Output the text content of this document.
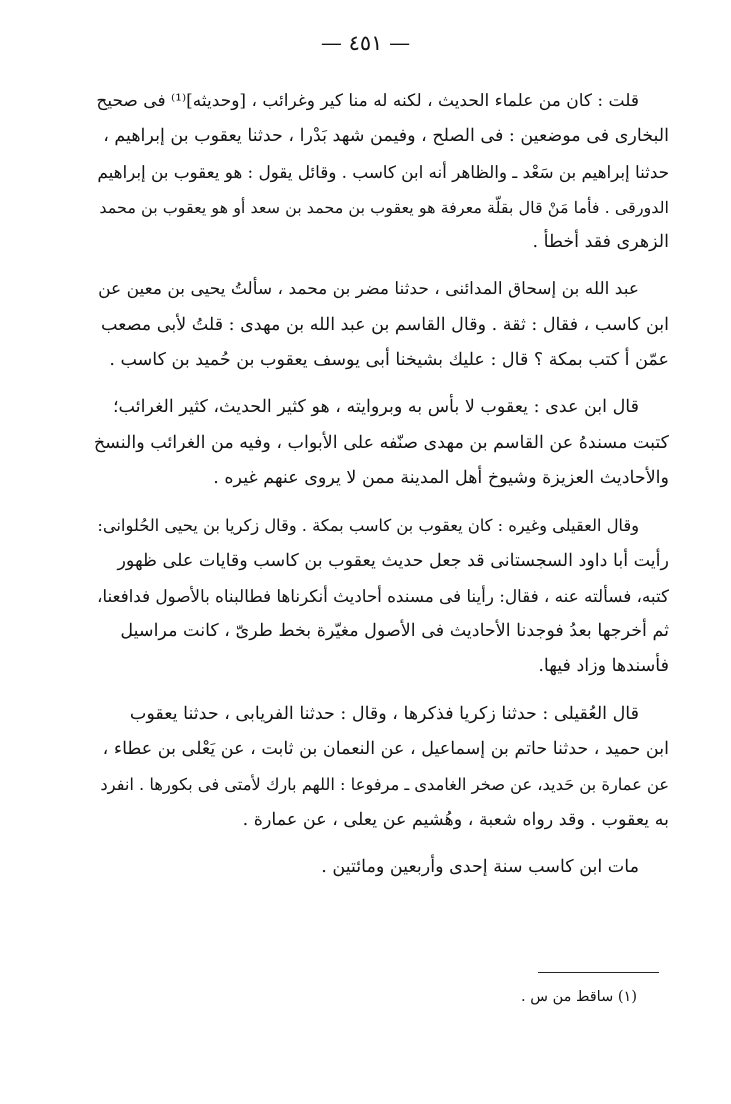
— ٤٥١ —
قلت : كان من علماء الحديث ، لكنه له منا كير وغرائب ، [وحديثه]⁽¹⁾ فى صحيح
البخارى فى موضعين : فى الصلح ، وفيمن شهد بَدْرا ، حدثنا يعقوب بن إبراهيم ،
حدثنا إبراهيم بن سَعْد ـ والظاهر أنه ابن كاسب . وقائل يقول : هو يعقوب بن إبراهيم
الدورقى . فأما مَنْ قال بقلّة معرفة هو يعقوب بن محمد بن سعد أو هو يعقوب بن محمد
الزهرى فقد أخطأ .
عبد الله بن إسحاق المدائنى ، حدثنا مضر بن محمد ، سألتُ يحيى بن معين عن
ابن كاسب ، فقال : ثقة . وقال القاسم بن عبد الله بن مهدى : قلتُ لأبى مصعب
عمّن أ كتب بمكة ؟ قال : عليك بشيخنا أبى يوسف يعقوب بن حُميد بن كاسب .
قال ابن عدى : يعقوب لا بأس به وبروايته ، هو كثير الحديث، كثير الغرائب؛
كتبت مسندهُ عن القاسم بن مهدى صنّفه على الأبواب ، وفيه من الغرائب والنسخ
والأحاديث العزيزة وشيوخ أهل المدينة ممن لا يروى عنهم غيره .
وقال العقيلى وغيره : كان يعقوب بن كاسب بمكة . وقال زكريا بن يحيى الحُلوانى:
رأيت أبا داود السجستانى قد جعل حديث يعقوب بن كاسب وقايات على ظهور
كتبه، فسألته عنه ، فقال: رأينا فى مسنده أحاديث أنكرناها فطالبناه بالأصول فدافعنا،
ثم أخرجها بعدُ فوجدنا الأحاديث فى الأصول مغيّرة بخط طرىّ ، كانت مراسيل
فأسندها وزاد فيها.
قال العُقيلى : حدثنا زكريا فذكرها ، وقال : حدثنا الفريابى ، حدثنا يعقوب
ابن حميد ، حدثنا حاتم بن إسماعيل ، عن النعمان بن ثابت ، عن يَعْلى بن عطاء ،
عن عمارة بن حَديد، عن صخر الغامدى ـ مرفوعا : اللهم بارك لأمتى فى بكورها . انفرد
به يعقوب . وقد رواه شعبة ، وهُشيم عن يعلى ، عن عمارة .
مات ابن كاسب سنة إحدى وأربعين ومائتين .
(١) ساقط من س .
